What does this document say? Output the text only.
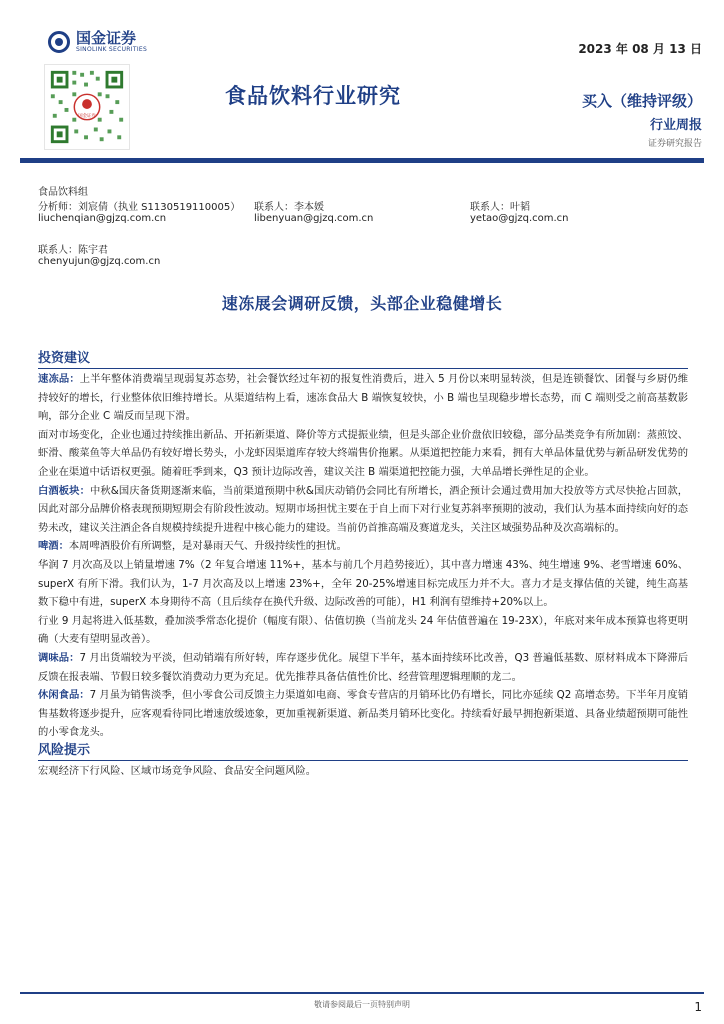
国金证券
SINOLINK SECURITIES	2023 年 08 月 13 日
国金证券
食品饮料行业研究	买入（维持评级）
行业周报
证券研究报告
食品饮料组
分析师：刘宸倩（执业 S1130519110005）
liuchenqian@gjzq.com.cn
联系人：李本媛
libenyuan@gjzq.com.cn
联系人：叶韬
yetao@gjzq.com.cn
联系人：陈宇君
chenyujun@gjzq.com.cn
速冻展会调研反馈，头部企业稳健增长
投资建议

速冻品：上半年整体消费端呈现弱复苏态势，社会餐饮经过年初的报复性消费后，进入 5 月份以来明显转淡，但是连锁餐饮、团餐与乡厨仍维持较好的增长，行业整体依旧维持增长。从渠道结构上看，速冻食品大 B 端恢复较快，小 B 端也呈现稳步增长态势，而 C 端则受之前高基数影响，部分企业 C 端反而呈现下滑。

面对市场变化，企业也通过持续推出新品、开拓新渠道、降价等方式提振业绩，但是头部企业价盘依旧较稳，部分品类竞争有所加剧：蒸煎饺、虾滑、酸菜鱼等大单品仍有较好增长势头，小龙虾因渠道库存较大终端售价拖累。从渠道把控能力来看，拥有大单品体量优势与新品研发优势的企业在渠道中话语权更强。随着旺季到来，Q3 预计边际改善，建议关注 B 端渠道把控能力强，大单品增长弹性足的企业。

白酒板块：中秋&国庆备货期逐渐来临，当前渠道预期中秋&国庆动销仍会同比有所增长，酒企预计会通过费用加大投放等方式尽快抢占回款，因此对部分品牌价格表现预期短期会有阶段性波动。短期市场担忧主要在于自上而下对行业复苏斜率预期的波动，我们认为基本面持续向好的态势未改，建议关注酒企各自规模持续提升进程中核心能力的建设。当前仍首推高端及赛道龙头，关注区域强势品种及次高端标的。

啤酒：本周啤酒股价有所调整，是对暴雨天气、升级持续性的担忧。

华润 7 月次高及以上销量增速 7%（2 年复合增速 11%+，基本与前几个月趋势接近），其中喜力增速 43%、纯生增速 9%、老雪增速 60%、superX 有所下滑。我们认为，1-7 月次高及以上增速 23%+，全年 20-25%增速目标完成压力并不大。喜力才是支撑估值的关键，纯生高基数下稳中有进，superX 本身期待不高（且后续存在换代升级、边际改善的可能），H1 利润有望维持+20%以上。

行业 9 月起将进入低基数，叠加淡季常态化提价（幅度有限）、估值切换（当前龙头 24 年估值普遍在 19-23X），年底对来年成本预算也将更明确（大麦有望明显改善）。

调味品：7 月出货端较为平淡，但动销端有所好转，库存逐步优化。展望下半年，基本面持续环比改善，Q3 普遍低基数、原材料成本下降滞后反馈在报表端、节假日较多餐饮消费动力更为充足。优先推荐具备估值性价比、经营管理逻辑理顺的龙二。

休闲食品：7 月虽为销售淡季，但小零食公司反馈主力渠道如电商、零食专营店的月销环比仍有增长，同比亦延续 Q2 高增态势。下半年月度销售基数将逐步提升，应客观看待同比增速放缓迹象，更加重视新渠道、新品类月销环比变化。持续看好最早拥抱新渠道、具备业绩超预期可能性的小零食龙头。

风险提示

宏观经济下行风险、区域市场竞争风险、食品安全问题风险。

敬请参阅最后一页特别声明	1
